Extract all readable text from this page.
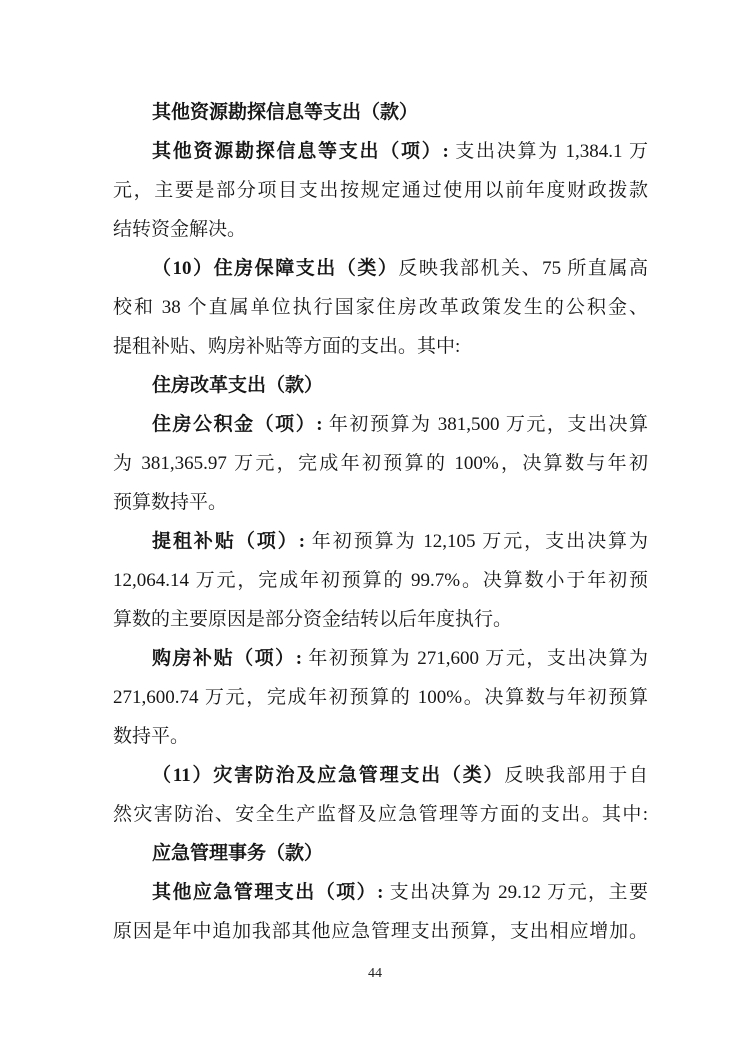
其他资源勘探信息等支出（款）
其他资源勘探信息等支出（项）: 支出决算为 1,384.1 万
元，主要是部分项目支出按规定通过使用以前年度财政拨款
结转资金解决。
（10）住房保障支出（类）反映我部机关、75 所直属高
校和 38 个直属单位执行国家住房改革政策发生的公积金、
提租补贴、购房补贴等方面的支出。其中:
住房改革支出（款）
住房公积金（项）: 年初预算为 381,500 万元，支出决算
为 381,365.97 万元，完成年初预算的 100%，决算数与年初
预算数持平。
提租补贴（项）: 年初预算为 12,105 万元，支出决算为
12,064.14 万元，完成年初预算的 99.7%。决算数小于年初预
算数的主要原因是部分资金结转以后年度执行。
购房补贴（项）: 年初预算为 271,600 万元，支出决算为
271,600.74 万元，完成年初预算的 100%。决算数与年初预算
数持平。
（11）灾害防治及应急管理支出（类）反映我部用于自
然灾害防治、安全生产监督及应急管理等方面的支出。其中:
应急管理事务（款）
其他应急管理支出（项）: 支出决算为 29.12 万元，主要
原因是年中追加我部其他应急管理支出预算，支出相应增加。
44
